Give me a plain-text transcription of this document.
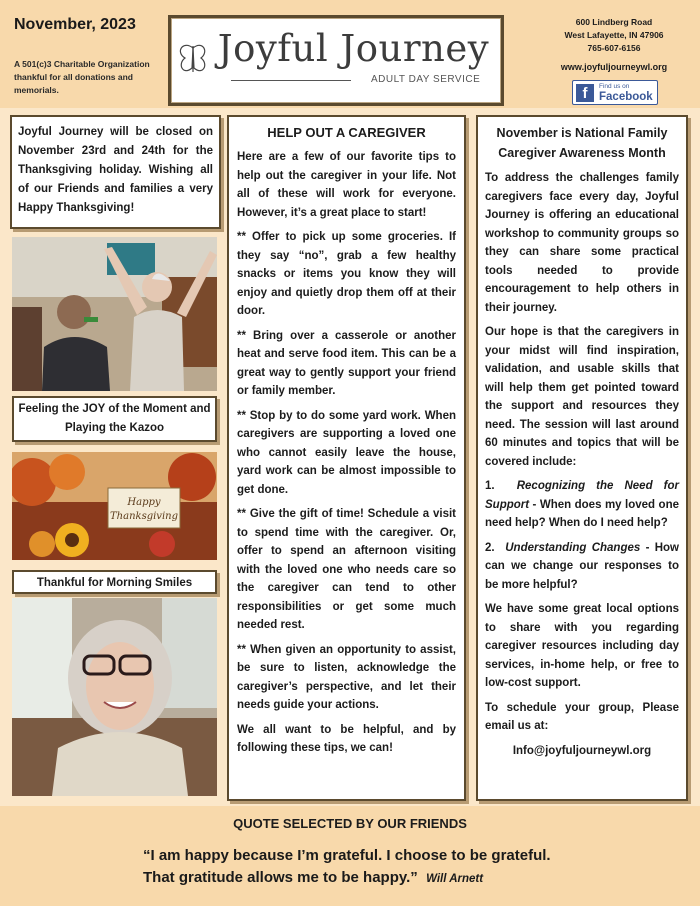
November, 2023
A 501(c)3 Charitable Organization thankful for all donations and memorials.
Joyful Journey
ADULT DAY SERVICE
600 Lindberg Road
West Lafayette, IN 47906
765-607-6156
www.joyfuljourneywl.org
f	Find us on
Facebook
Joyful Journey will be closed on November 23rd and 24th for the Thanksgiving holiday. Wishing all of our Friends and families a very Happy Thanksgiving!
Feeling the JOY of the Moment and Playing the Kazoo
Happy
Thanksgiving
Thankful for Morning Smiles
HELP OUT A CAREGIVER

Here are a few of our favorite tips to help out the caregiver in your life. Not all of these will work for everyone. However, it’s a great place to start!

** Offer to pick up some groceries. If they say “no”, grab a few healthy snacks or items you know they will enjoy and quietly drop them off at their door.

** Bring over a casserole or another heat and serve food item. This can be a great way to gently support your friend or family member.

** Stop by to do some yard work. When caregivers are supporting a loved one who cannot easily leave the house, yard work can be almost impossible to get done.

** Give the gift of time! Schedule a visit to spend time with the caregiver. Or, offer to spend an afternoon visiting with the loved one who needs care so the caregiver can tend to other responsibilities or get some much needed rest.

** When given an opportunity to assist, be sure to listen, acknowledge the caregiver’s perspective, and let their needs guide your actions.

We all want to be helpful, and by following these tips, we can!

November is National Family Caregiver Awareness Month

To address the challenges family caregivers face every day, Joyful Journey is offering an educational workshop to community groups so they can share some practical tools needed to provide encouragement to help others in their journey.

Our hope is that the caregivers in your midst will find inspiration, validation, and usable skills that will help them get pointed toward the support and resources they need. The session will last around 60 minutes and topics that will be covered include:

1. Recognizing the Need for Support - When does my loved one need help? When do I need help?

2. Understanding Changes - How can we change our responses to be more helpful?

We have some great local options to share with you regarding caregiver resources including day services, in-home help, or free to low-cost support.

To schedule your group, Please email us at:

Info@joyfuljourneywl.org

QUOTE SELECTED BY OUR FRIENDS
“I am happy because I’m grateful. I choose to be grateful. That gratitude allows me to be happy.” Will Arnett
